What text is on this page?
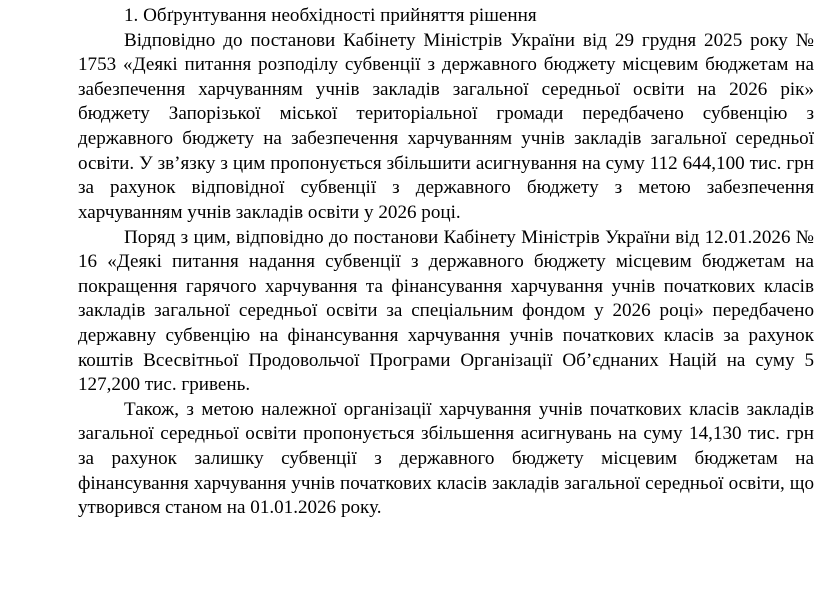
1. Обґрунтування необхідності прийняття рішення

Відповідно до постанови Кабінету Міністрів України від 29 грудня 2025 року № 1753 «Деякі питання розподілу субвенції з державного бюджету місцевим бюджетам на забезпечення харчуванням учнів закладів загальної середньої освіти на 2026 рік» бюджету Запорізької міської територіальної громади передбачено субвенцію з державного бюджету на забезпечення харчуванням учнів закладів загальної середньої освіти. У зв’язку з цим пропонується збільшити асигнування на суму 112 644,100 тис. грн за рахунок відповідної субвенції з державного бюджету з метою забезпечення харчуванням учнів закладів освіти у 2026 році.

Поряд з цим, відповідно до постанови Кабінету Міністрів України від 12.01.2026 № 16 «Деякі питання надання субвенції з державного бюджету місцевим бюджетам на покращення гарячого харчування та фінансування харчування учнів початкових класів закладів загальної середньої освіти за спеціальним фондом у 2026 році» передбачено державну субвенцію на фінансування харчування учнів початкових класів за рахунок коштів Всесвітньої Продовольчої Програми Організації Об’єднаних Націй на суму 5 127,200 тис. гривень.

Також, з метою належної організації харчування учнів початкових класів закладів загальної середньої освіти пропонується збільшення асигнувань на суму 14,130 тис. грн за рахунок залишку субвенції з державного бюджету місцевим бюджетам на фінансування харчування учнів початкових класів закладів загальної середньої освіти, що утворився станом на 01.01.2026 року.
